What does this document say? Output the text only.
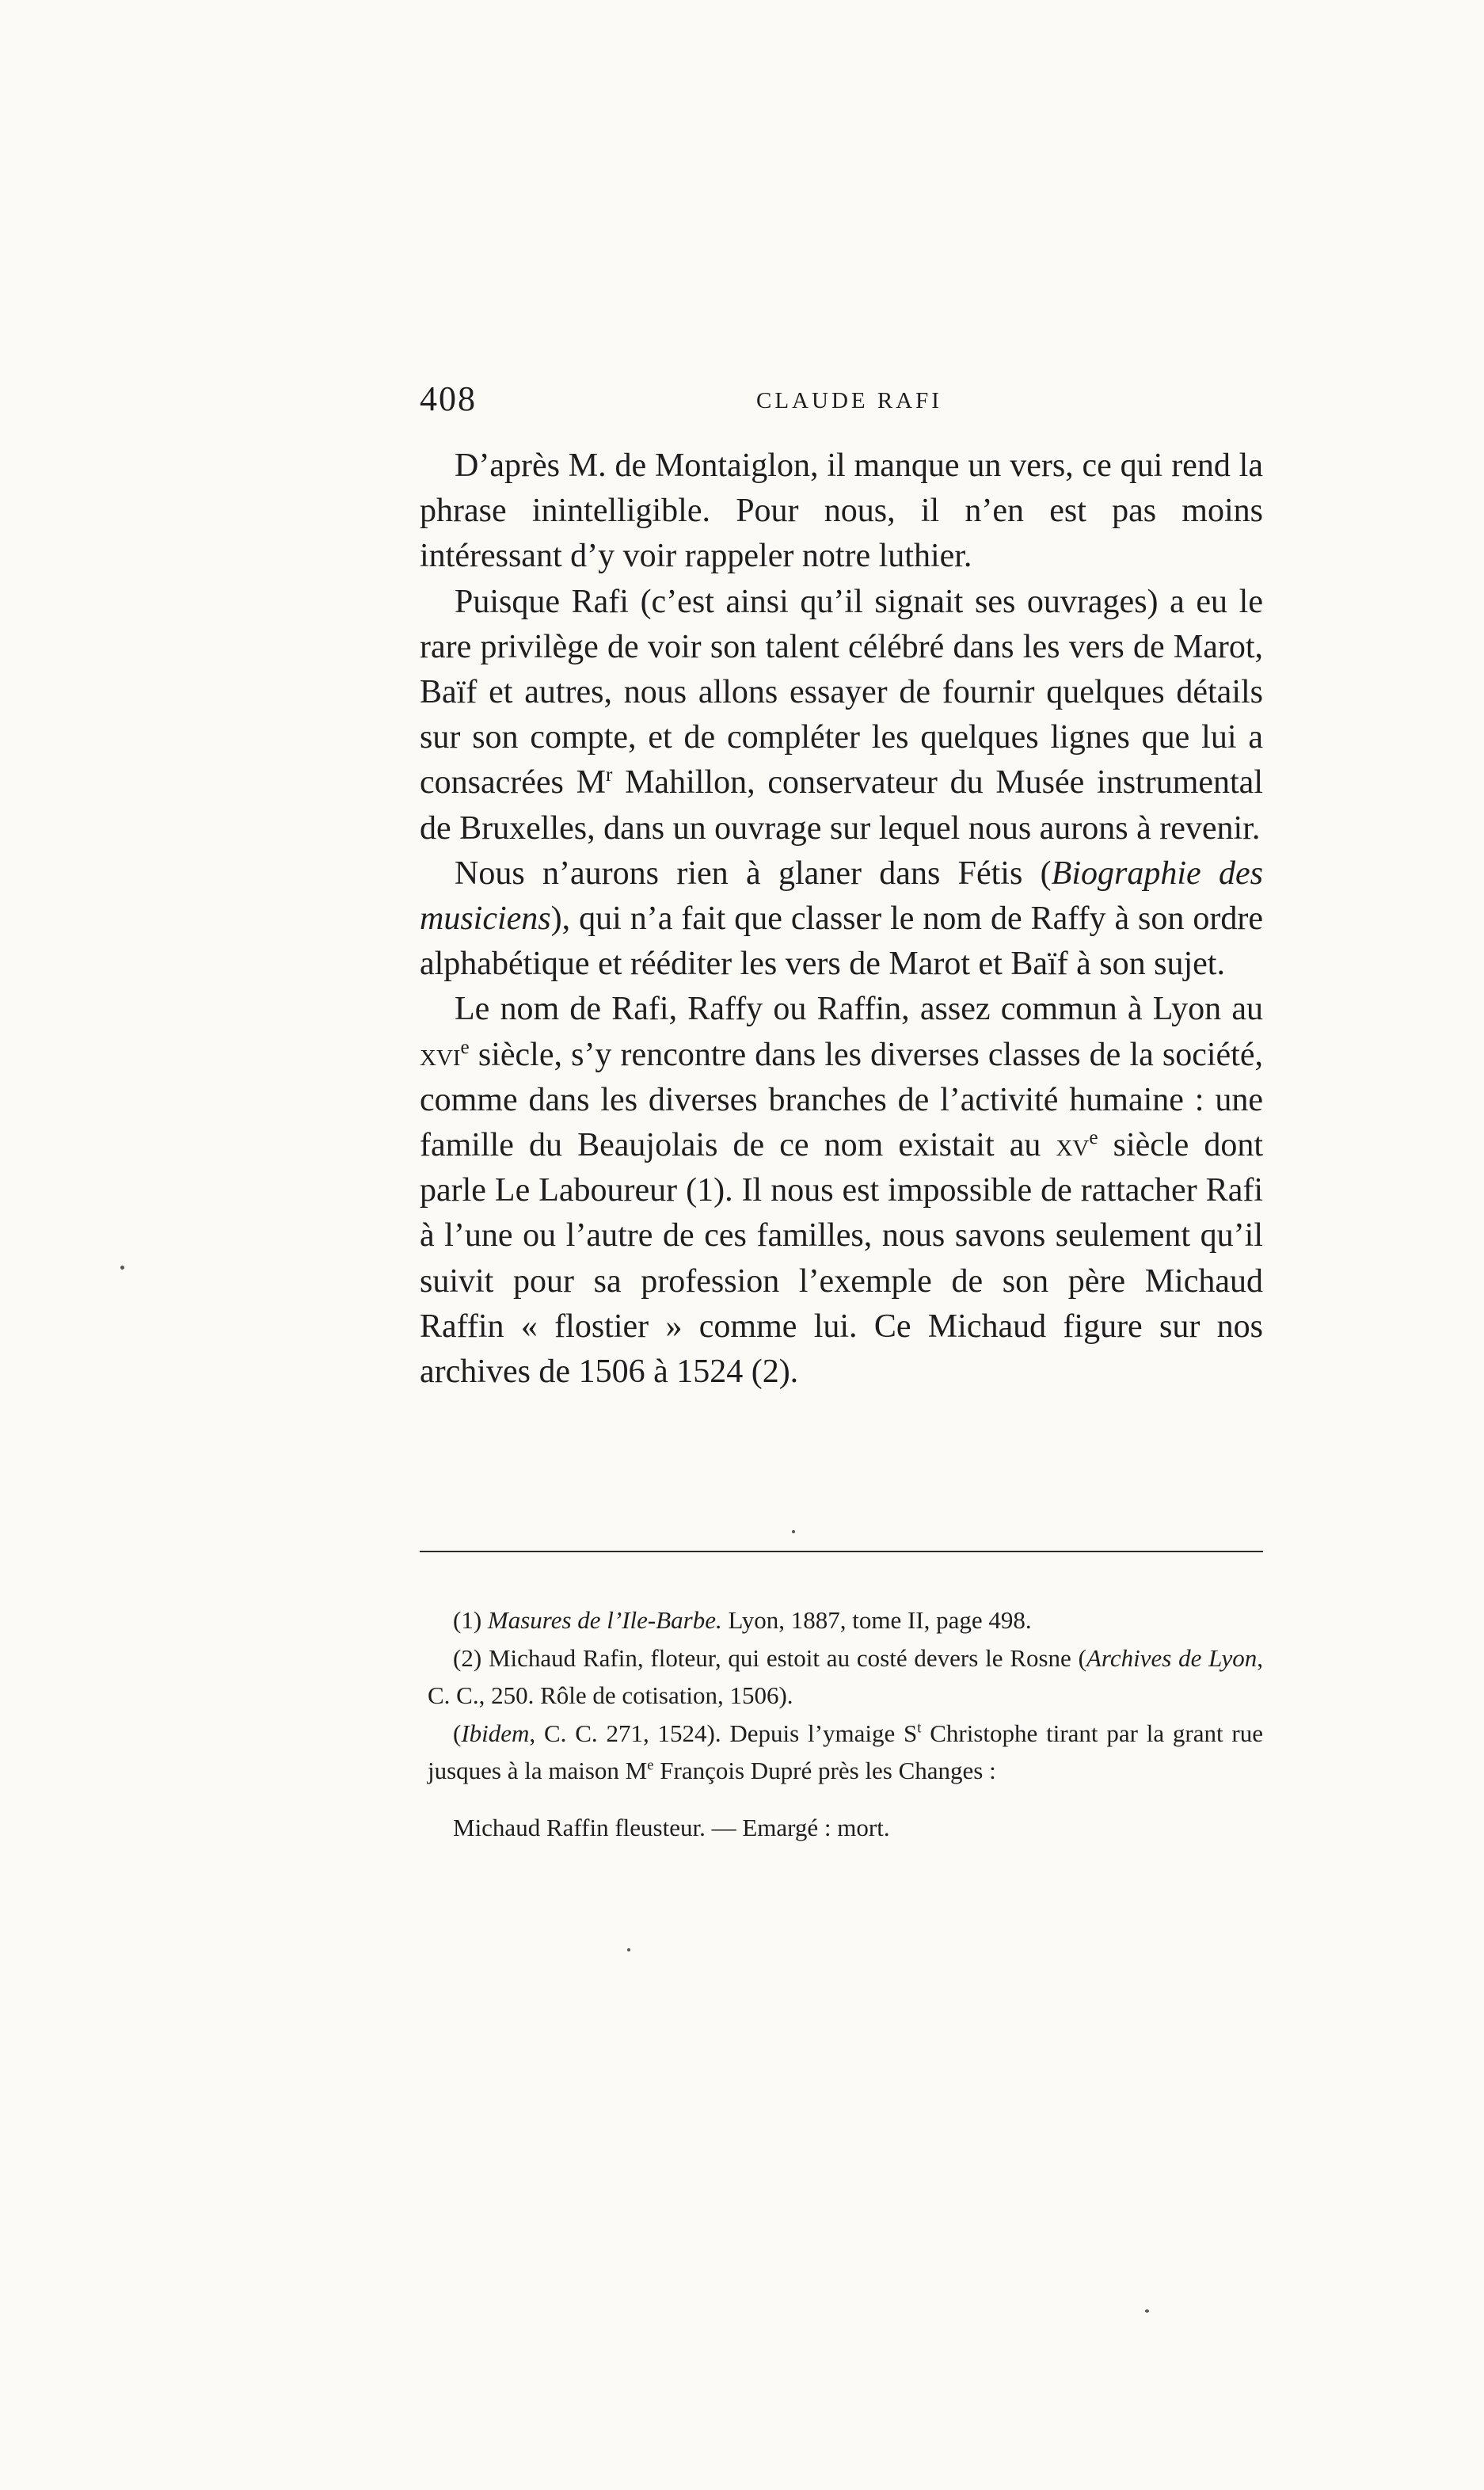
408	CLAUDE RAFI

D’après M. de Montaiglon, il manque un vers, ce qui rend la phrase inintelligible. Pour nous, il n’en est pas moins intéressant d’y voir rappeler notre luthier.

Puisque Rafi (c’est ainsi qu’il signait ses ouvrages) a eu le rare privilège de voir son talent célébré dans les vers de Marot, Baïf et autres, nous allons essayer de fournir quelques détails sur son compte, et de compléter les quelques lignes que lui a consacrées $M^r$ Mahillon, conservateur du Musée instrumental de Bruxelles, dans un ouvrage sur lequel nous aurons à revenir.

Nous n’aurons rien à glaner dans Fétis (Biographie des musiciens), qui n’a fait que classer le nom de Raffy à son ordre alphabétique et rééditer les vers de Marot et Baïf à son sujet.

Le nom de Rafi, Raffy ou Raffin, assez commun à Lyon au xvi$^e$ siècle, s’y rencontre dans les diverses classes de la société, comme dans les diverses branches de l’activité humaine : une famille du Beaujolais de ce nom existait au $xv^e$ siècle dont parle Le Laboureur (1). Il nous est impossible de rattacher Rafi à l’une ou l’autre de ces familles, nous savons seulement qu’il suivit pour sa profession l’exemple de son père Michaud Raffin « flostier » comme lui. Ce Michaud figure sur nos archives de 1506 à 1524 (2).

(1) Masures de l’Ile-Barbe. Lyon, 1887, tome II, page 498.

(2) Michaud Rafin, floteur, qui estoit au costé devers le Rosne (Archives de Lyon, C. C., 250. Rôle de cotisation, 1506).

(Ibidem, C. C. 271, 1524). Depuis l’ymaige $S^t$ Christophe tirant par la grant rue jusques à la maison Me François Dupré près les Changes :

Michaud Raffin fleusteur. — Emargé : mort.
